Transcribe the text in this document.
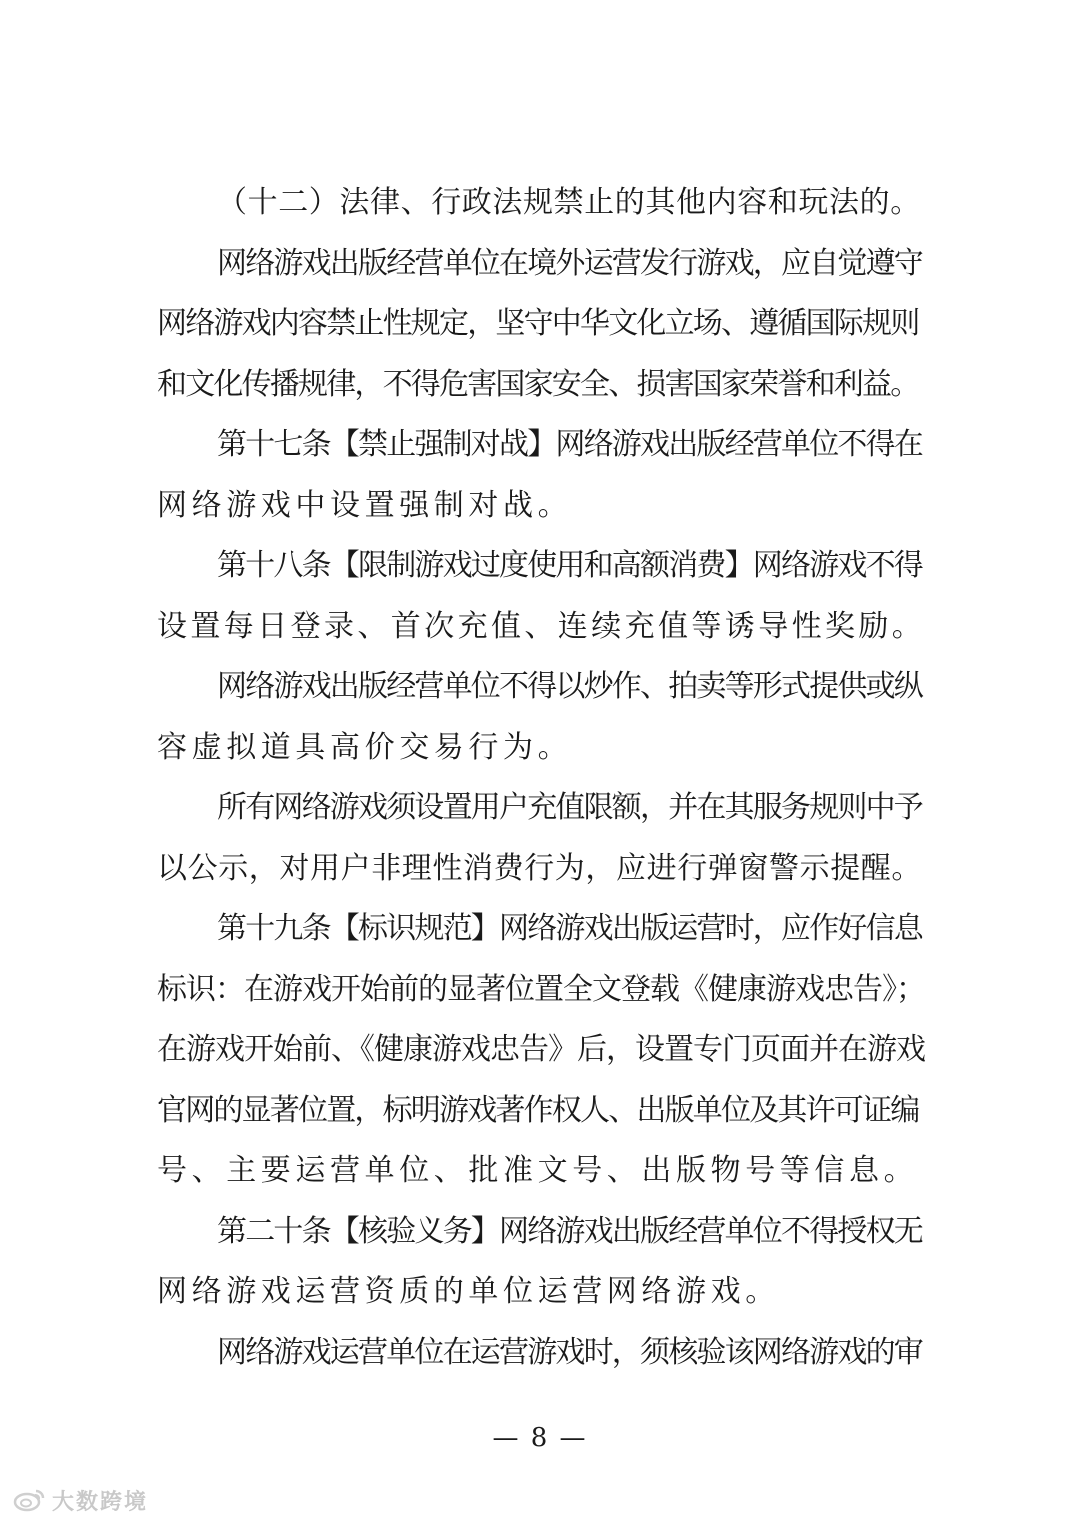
（十二）法律、行政法规禁止的其他内容和玩法的。
网络游戏出版经营单位在境外运营发行游戏，应自觉遵守
网络游戏内容禁止性规定，坚守中华文化立场、遵循国际规则
和文化传播规律，不得危害国家安全、损害国家荣誉和利益。
第十七条【禁止强制对战】网络游戏出版经营单位不得在
网络游戏中设置强制对战。
第十八条【限制游戏过度使用和高额消费】网络游戏不得
设置每日登录、首次充值、连续充值等诱导性奖励。
网络游戏出版经营单位不得以炒作、拍卖等形式提供或纵
容虚拟道具高价交易行为。
所有网络游戏须设置用户充值限额，并在其服务规则中予
以公示，对用户非理性消费行为，应进行弹窗警示提醒。
第十九条【标识规范】网络游戏出版运营时，应作好信息
标识：在游戏开始前的显著位置全文登载《健康游戏忠告》；
在游戏开始前、《健康游戏忠告》后，设置专门页面并在游戏
官网的显著位置，标明游戏著作权人、出版单位及其许可证编
号、主要运营单位、批准文号、出版物号等信息。
第二十条【核验义务】网络游戏出版经营单位不得授权无
网络游戏运营资质的单位运营网络游戏。
网络游戏运营单位在运营游戏时，须核验该网络游戏的审
— 8 —
大数跨境
